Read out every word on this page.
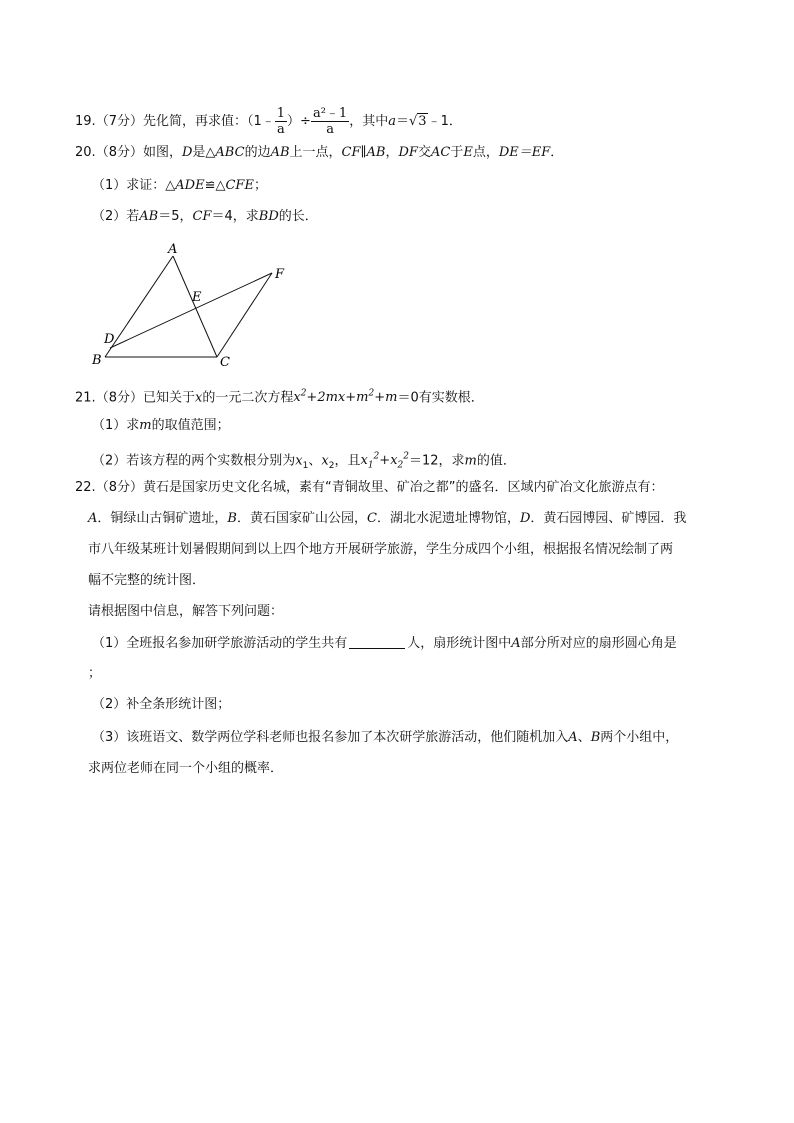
19.（7分）先化简，再求值：（1﹣ $\frac{1}{a}$ ）÷ $\frac{\text{a²﹣1}}{a}$ ，其中a＝√3﹣1．
20.（8分）如图，D是△ABC的边AB上一点，CF∥AB，DF交AC于E点，DE＝EF．
（1）求证：△ADE≌△CFE；
（2）若AB＝5，CF＝4，求BD的长．
A
E
F
D
B	C
21.（8分）已知关于x的一元二次方程$x^2+2mx+m^2+m=0$有实数根．
（1）求m的取值范围；
（2）若该方程的两个实数根分别为$x_1$、$x_2$，且$x_1^2+x_2^2=12$，求m的值．
22.（8分）黄石是国家历史文化名城，素有“青铜故里、矿冶之都”的盛名．区域内矿冶文化旅游点有：
A．铜绿山古铜矿遗址，B．黄石国家矿山公园，C．湖北水泥遗址博物馆，D．黄石园博园、矿博园．我
市八年级某班计划暑假期间到以上四个地方开展研学旅游，学生分成四个小组，根据报名情况绘制了两
幅不完整的统计图．
请根据图中信息，解答下列问题：
（1）全班报名参加研学旅游活动的学生共有	人，扇形统计图中A部分所对应的扇形圆心角是
；
（2）补全条形统计图；
（3）该班语文、数学两位学科老师也报名参加了本次研学旅游活动，他们随机加入A、B两个小组中，
求两位老师在同一个小组的概率．
